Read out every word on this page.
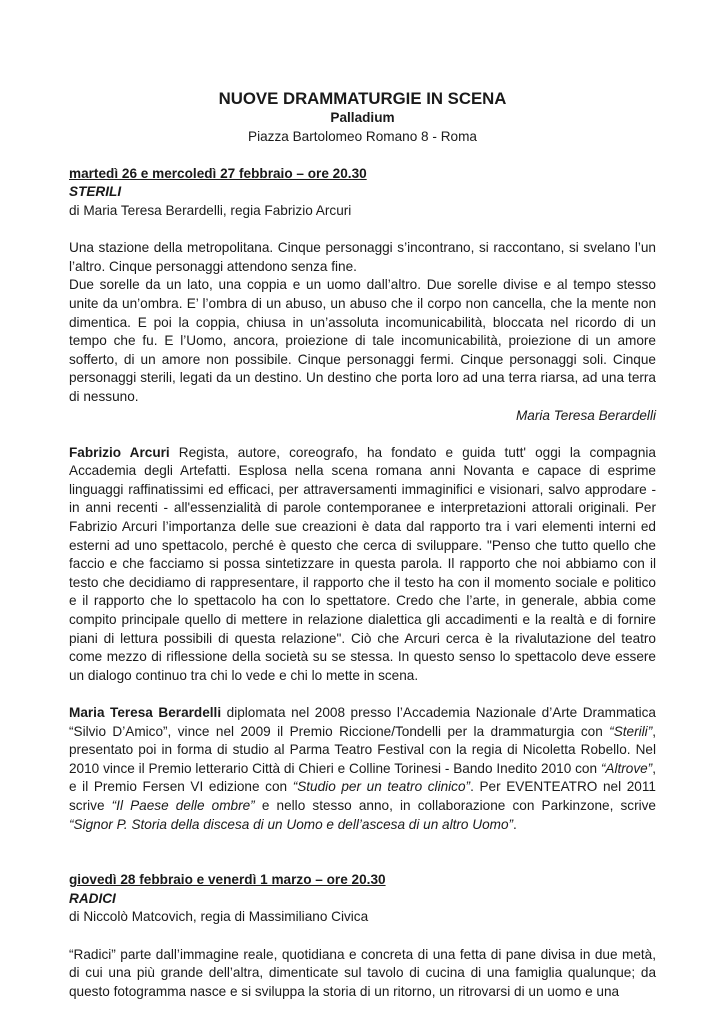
NUOVE DRAMMATURGIE IN SCENA
Palladium
Piazza Bartolomeo Romano 8 - Roma
martedì 26 e mercoledì 27 febbraio – ore 20.30
STERILI
di Maria Teresa Berardelli, regia Fabrizio Arcuri

Una stazione della metropolitana. Cinque personaggi s’incontrano, si raccontano, si svelano l’un l’altro. Cinque personaggi attendono senza fine.

Due sorelle da un lato, una coppia e un uomo dall’altro. Due sorelle divise e al tempo stesso unite da un’ombra. E’ l’ombra di un abuso, un abuso che il corpo non cancella, che la mente non dimentica. E poi la coppia, chiusa in un’assoluta incomunicabilità, bloccata nel ricordo di un tempo che fu. E l’Uomo, ancora, proiezione di tale incomunicabilità, proiezione di un amore sofferto, di un amore non possibile. Cinque personaggi fermi. Cinque personaggi soli. Cinque personaggi sterili, legati da un destino. Un destino che porta loro ad una terra riarsa, ad una terra di nessuno.

Maria Teresa Berardelli

Fabrizio Arcuri Regista, autore, coreografo, ha fondato e guida tutt' oggi la compagnia Accademia degli Artefatti. Esplosa nella scena romana anni Novanta e capace di esprime linguaggi raffinatissimi ed efficaci, per attraversamenti immaginifici e visionari, salvo approdare - in anni recenti - all'essenzialità di parole contemporanee e interpretazioni attorali originali. Per Fabrizio Arcuri l’importanza delle sue creazioni è data dal rapporto tra i vari elementi interni ed esterni ad uno spettacolo, perché è questo che cerca di sviluppare. "Penso che tutto quello che faccio e che facciamo si possa sintetizzare in questa parola. Il rapporto che noi abbiamo con il testo che decidiamo di rappresentare, il rapporto che il testo ha con il momento sociale e politico e il rapporto che lo spettacolo ha con lo spettatore. Credo che l’arte, in generale, abbia come compito principale quello di mettere in relazione dialettica gli accadimenti e la realtà e di fornire piani di lettura possibili di questa relazione". Ciò che Arcuri cerca è la rivalutazione del teatro come mezzo di riflessione della società su se stessa. In questo senso lo spettacolo deve essere un dialogo continuo tra chi lo vede e chi lo mette in scena.

Maria Teresa Berardelli diplomata nel 2008 presso l’Accademia Nazionale d’Arte Drammatica “Silvio D’Amico”, vince nel 2009 il Premio Riccione/Tondelli per la drammaturgia con “Sterili”, presentato poi in forma di studio al Parma Teatro Festival con la regia di Nicoletta Robello. Nel 2010 vince il Premio letterario Città di Chieri e Colline Torinesi - Bando Inedito 2010 con “Altrove”, e il Premio Fersen VI edizione con “Studio per un teatro clinico”. Per EVENTEATRO nel 2011 scrive “Il Paese delle ombre” e nello stesso anno, in collaborazione con Parkinzone, scrive “Signor P. Storia della discesa di un Uomo e dell’ascesa di un altro Uomo”.

giovedì 28 febbraio e venerdì 1 marzo – ore 20.30
RADICI
di Niccolò Matcovich, regia di Massimiliano Civica

“Radici” parte dall’immagine reale, quotidiana e concreta di una fetta di pane divisa in due metà, di cui una più grande dell’altra, dimenticate sul tavolo di cucina di una famiglia qualunque; da questo fotogramma nasce e si sviluppa la storia di un ritorno, un ritrovarsi di un uomo e una
